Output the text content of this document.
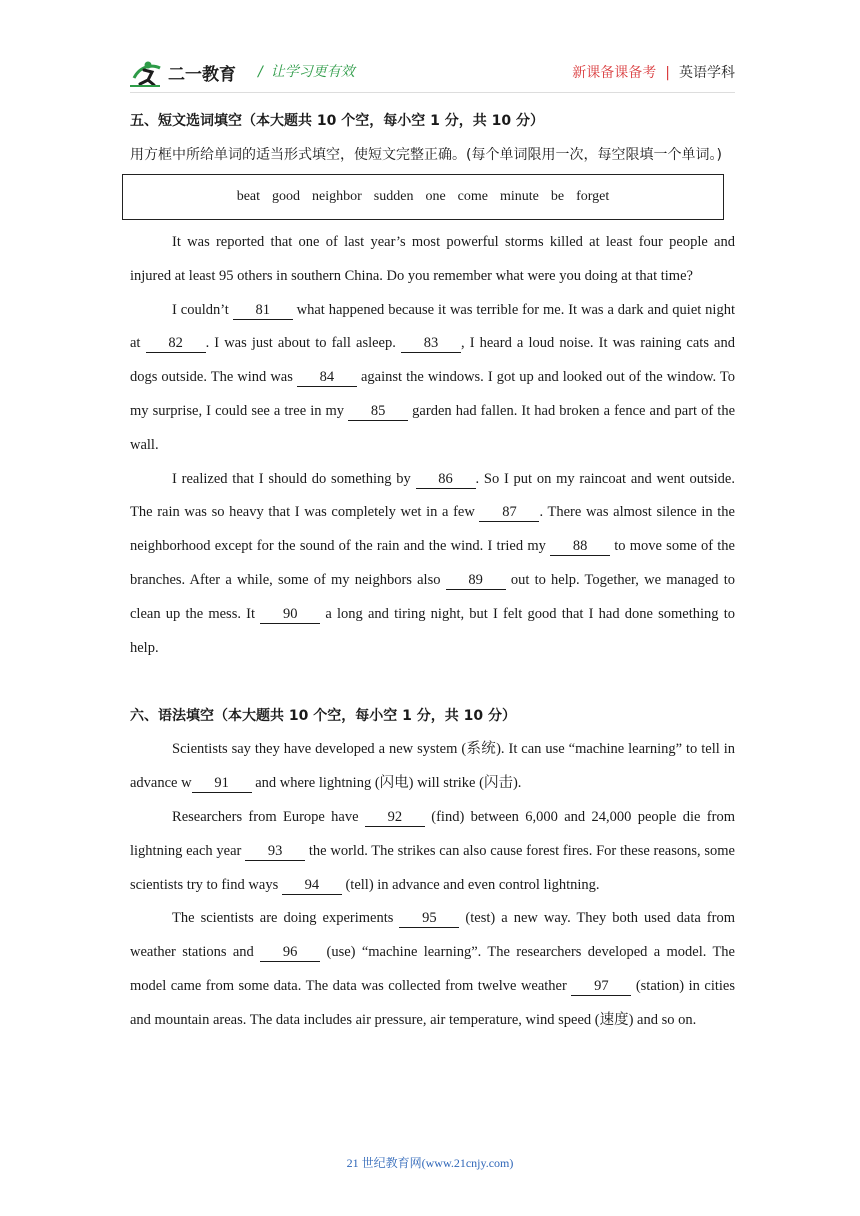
二一教育 / 让学习更有效	新课备课备考 | 英语学科
五、短文选词填空（本大题共 10 个空，每小空 1 分，共 10 分）
用方框中所给单词的适当形式填空，使短文完整正确。(每个单词限用一次，每空限填一个单词。)
beat good neighbor sudden one come minute be forget

It was reported that one of last year’s most powerful storms killed at least four people and injured at least 95 others in southern China. Do you remember what were you doing at that time?

I couldn’t 81 what happened because it was terrible for me. It was a dark and quiet night at 82 . I was just about to fall asleep. 83 , I heard a loud noise. It was raining cats and dogs outside. The wind was 84 against the windows. I got up and looked out of the window. To my surprise, I could see a tree in my 85 garden had fallen. It had broken a fence and part of the wall.

I realized that I should do something by 86 . So I put on my raincoat and went outside. The rain was so heavy that I was completely wet in a few 87 . There was almost silence in the neighborhood except for the sound of the rain and the wind. I tried my 88 to move some of the branches. After a while, some of my neighbors also 89 out to help. Together, we managed to clean up the mess. It 90 a long and tiring night, but I felt good that I had done something to help.

六、语法填空（本大题共 10 个空，每小空 1 分，共 10 分）

Scientists say they have developed a new system (系统). It can use “machine learning” to tell in advance w 91 and where lightning (闪电) will strike (闪击).

Researchers from Europe have 92 (find) between 6,000 and 24,000 people die from lightning each year 93 the world. The strikes can also cause forest fires. For these reasons, some scientists try to find ways 94 (tell) in advance and even control lightning.

The scientists are doing experiments 95 (test) a new way. They both used data from weather stations and 96 (use) “machine learning”. The researchers developed a model. The model came from some data. The data was collected from twelve weather 97 (station) in cities and mountain areas. The data includes air pressure, air temperature, wind speed (速度) and so on.

21 世纪教育网(www.21cnjy.com)
